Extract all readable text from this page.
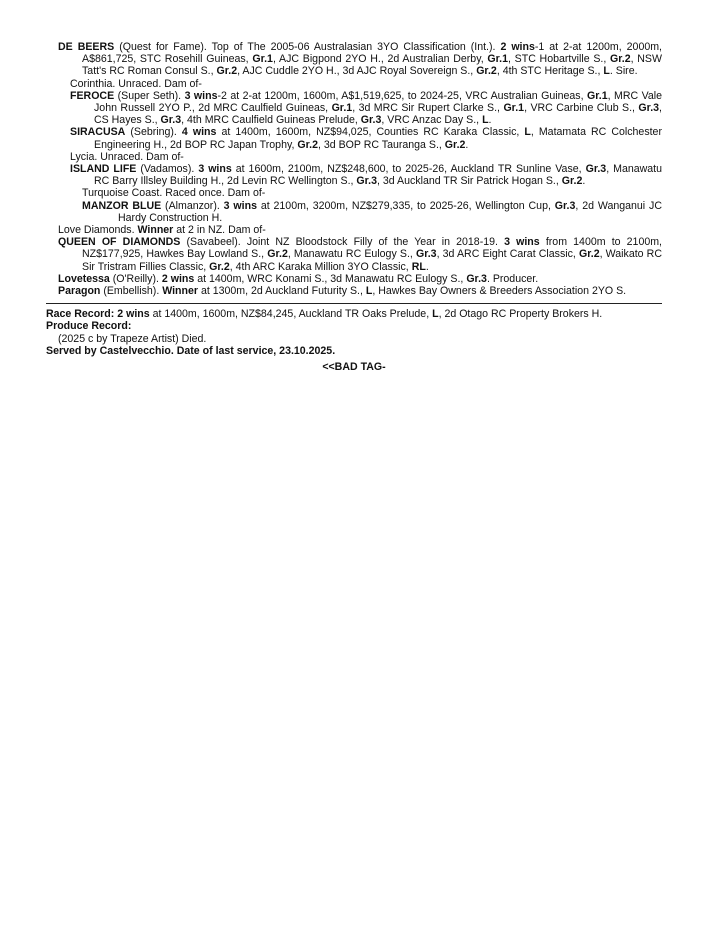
DE BEERS (Quest for Fame). Top of The 2005-06 Australasian 3YO Classification (Int.). 2 wins-1 at 2-at 1200m, 2000m, A$861,725, STC Rosehill Guineas, Gr.1, AJC Bigpond 2YO H., 2d Australian Derby, Gr.1, STC Hobartville S., Gr.2, NSW Tatt's RC Roman Consul S., Gr.2, AJC Cuddle 2YO H., 3d AJC Royal Sovereign S., Gr.2, 4th STC Heritage S., L. Sire.
Corinthia. Unraced. Dam of-
FEROCE (Super Seth). 3 wins-2 at 2-at 1200m, 1600m, A$1,519,625, to 2024-25, VRC Australian Guineas, Gr.1, MRC Vale John Russell 2YO P., 2d MRC Caulfield Guineas, Gr.1, 3d MRC Sir Rupert Clarke S., Gr.1, VRC Carbine Club S., Gr.3, CS Hayes S., Gr.3, 4th MRC Caulfield Guineas Prelude, Gr.3, VRC Anzac Day S., L.
SIRACUSA (Sebring). 4 wins at 1400m, 1600m, NZ$94,025, Counties RC Karaka Classic, L, Matamata RC Colchester Engineering H., 2d BOP RC Japan Trophy, Gr.2, 3d BOP RC Tauranga S., Gr.2.
Lycia. Unraced. Dam of-
ISLAND LIFE (Vadamos). 3 wins at 1600m, 2100m, NZ$248,600, to 2025-26, Auckland TR Sunline Vase, Gr.3, Manawatu RC Barry Illsley Building H., 2d Levin RC Wellington S., Gr.3, 3d Auckland TR Sir Patrick Hogan S., Gr.2.
Turquoise Coast. Raced once. Dam of-
MANZOR BLUE (Almanzor). 3 wins at 2100m, 3200m, NZ$279,335, to 2025-26, Wellington Cup, Gr.3, 2d Wanganui JC Hardy Construction H.
Love Diamonds. Winner at 2 in NZ. Dam of-
QUEEN OF DIAMONDS (Savabeel). Joint NZ Bloodstock Filly of the Year in 2018-19. 3 wins from 1400m to 2100m, NZ$177,925, Hawkes Bay Lowland S., Gr.2, Manawatu RC Eulogy S., Gr.3, 3d ARC Eight Carat Classic, Gr.2, Waikato RC Sir Tristram Fillies Classic, Gr.2, 4th ARC Karaka Million 3YO Classic, RL.
Lovetessa (O'Reilly). 2 wins at 1400m, WRC Konami S., 3d Manawatu RC Eulogy S., Gr.3. Producer.
Paragon (Embellish). Winner at 1300m, 2d Auckland Futurity S., L, Hawkes Bay Owners & Breeders Association 2YO S.
Race Record: 2 wins at 1400m, 1600m, NZ$84,245, Auckland TR Oaks Prelude, L, 2d Otago RC Property Brokers H.
Produce Record:
(2025 c by Trapeze Artist) Died.
Served by Castelvecchio. Date of last service, 23.10.2025.
<<BAD TAG-
